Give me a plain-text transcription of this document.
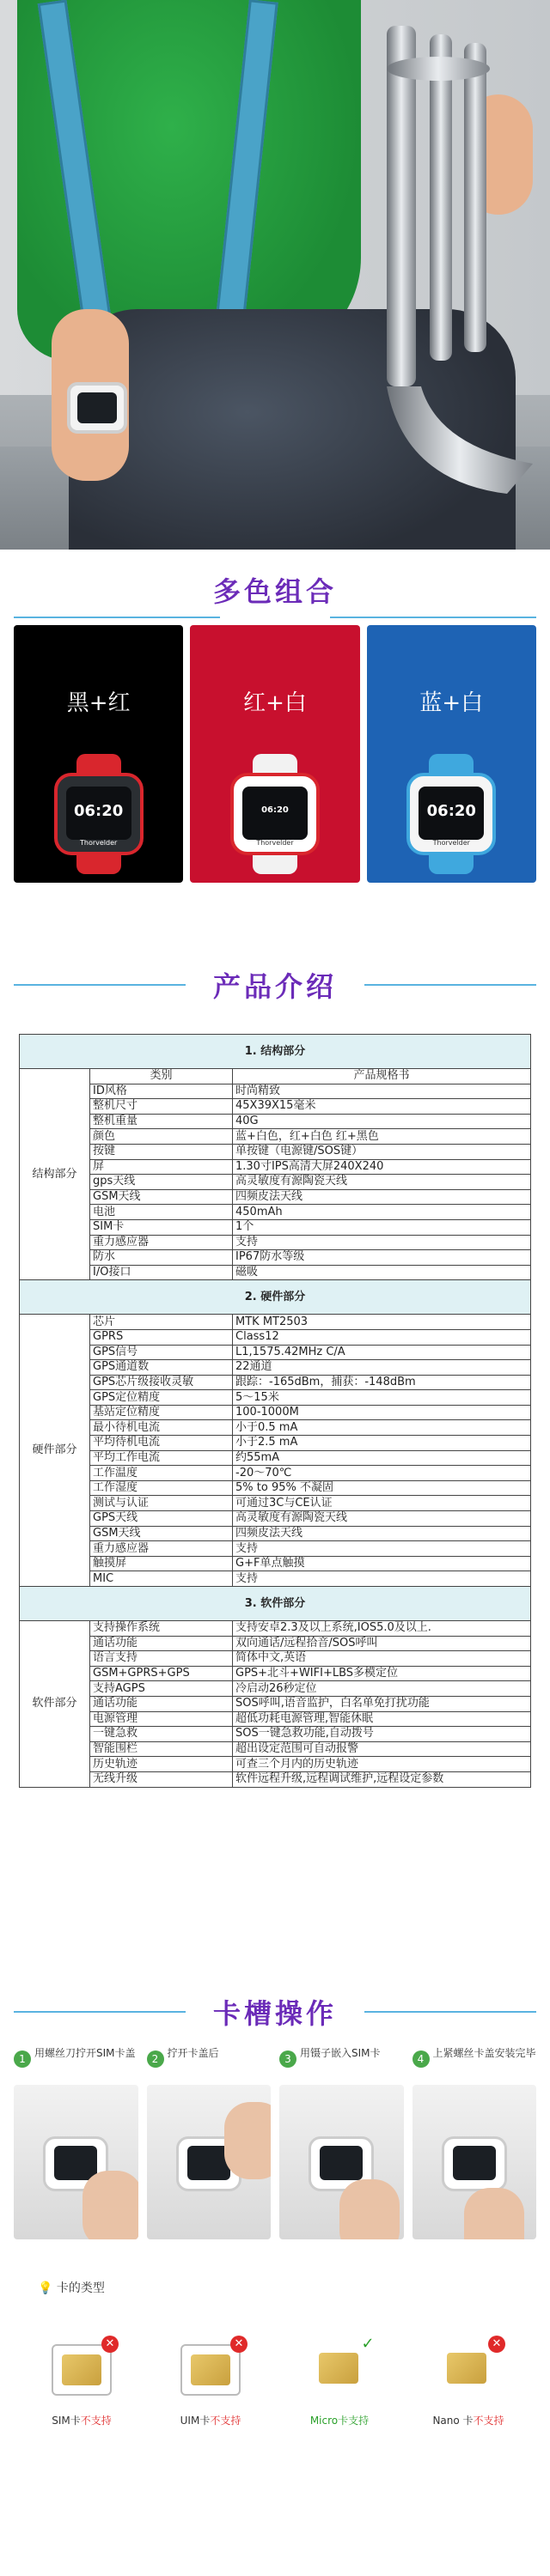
多色组合
黑+红
06:20
Thorvelder
红+白
06:20
Thorvelder
蓝+白
06:20
Thorvelder
产品介绍
1. 结构部分		
结构部分	类别	产品规格书
	ID风格	时尚精致
	整机尺寸	45X39X15毫米
	整机重量	40G
	颜色	蓝+白色，红+白色 红+黑色
	按键	单按键（电源键/SOS键）
	屏	1.30寸IPS高清大屏240X240
	gps天线	高灵敏度有源陶瓷天线
	GSM天线	四频皮法天线
	电池	450mAh
	SIM卡	1个
	重力感应器	支持
	防水	IP67防水等级
	I/O接口	磁吸
2. 硬件部分		
硬件部分	芯片	MTK MT2503
	GPRS	Class12
	GPS信号	L1,1575.42MHz C/A
	GPS通道数	22通道
	GPS芯片级接收灵敏	跟踪：-165dBm，捕获：-148dBm
	GPS定位精度	5～15米
	基站定位精度	100-1000M
	最小待机电流	小于0.5 mA
	平均待机电流	小于2.5 mA
	平均工作电流	约55mA
	工作温度	-20～70℃
	工作湿度	5% to 95% 不凝固
	测试与认证	可通过3C与CE认证
	GPS天线	高灵敏度有源陶瓷天线
	GSM天线	四频皮法天线
	重力感应器	支持
	触摸屏	G+F单点触摸
	MIC	支持
3. 软件部分		
软件部分	支持操作系统	支持安卓2.3及以上系统,IOS5.0及以上.
	通话功能	双向通话/远程拾音/SOS呼叫
	语言支持	简体中文,英语
	GSM+GPRS+GPS	GPS+北斗+WIFI+LBS多模定位
	支持AGPS	冷启动26秒定位
	通话功能	SOS呼叫,语音监护，白名单免打扰功能
	电源管理	超低功耗电源管理,智能休眠
	一键急救	SOS一键急救功能,自动拨号
	智能围栏	超出设定范围可自动报警
	历史轨迹	可查三个月内的历史轨迹
	无线升级	软件远程升级,远程调试维护,远程设定参数
卡槽操作
1 用螺丝刀拧开SIM卡盖	2 拧开卡盖后	3 用镊子嵌入SIM卡	4 上紧螺丝卡盖安装完毕
💡 卡的类型
✕
SIM卡不支持
✕
UIM卡不支持
✓
Micro卡支持
✕
Nano 卡不支持
